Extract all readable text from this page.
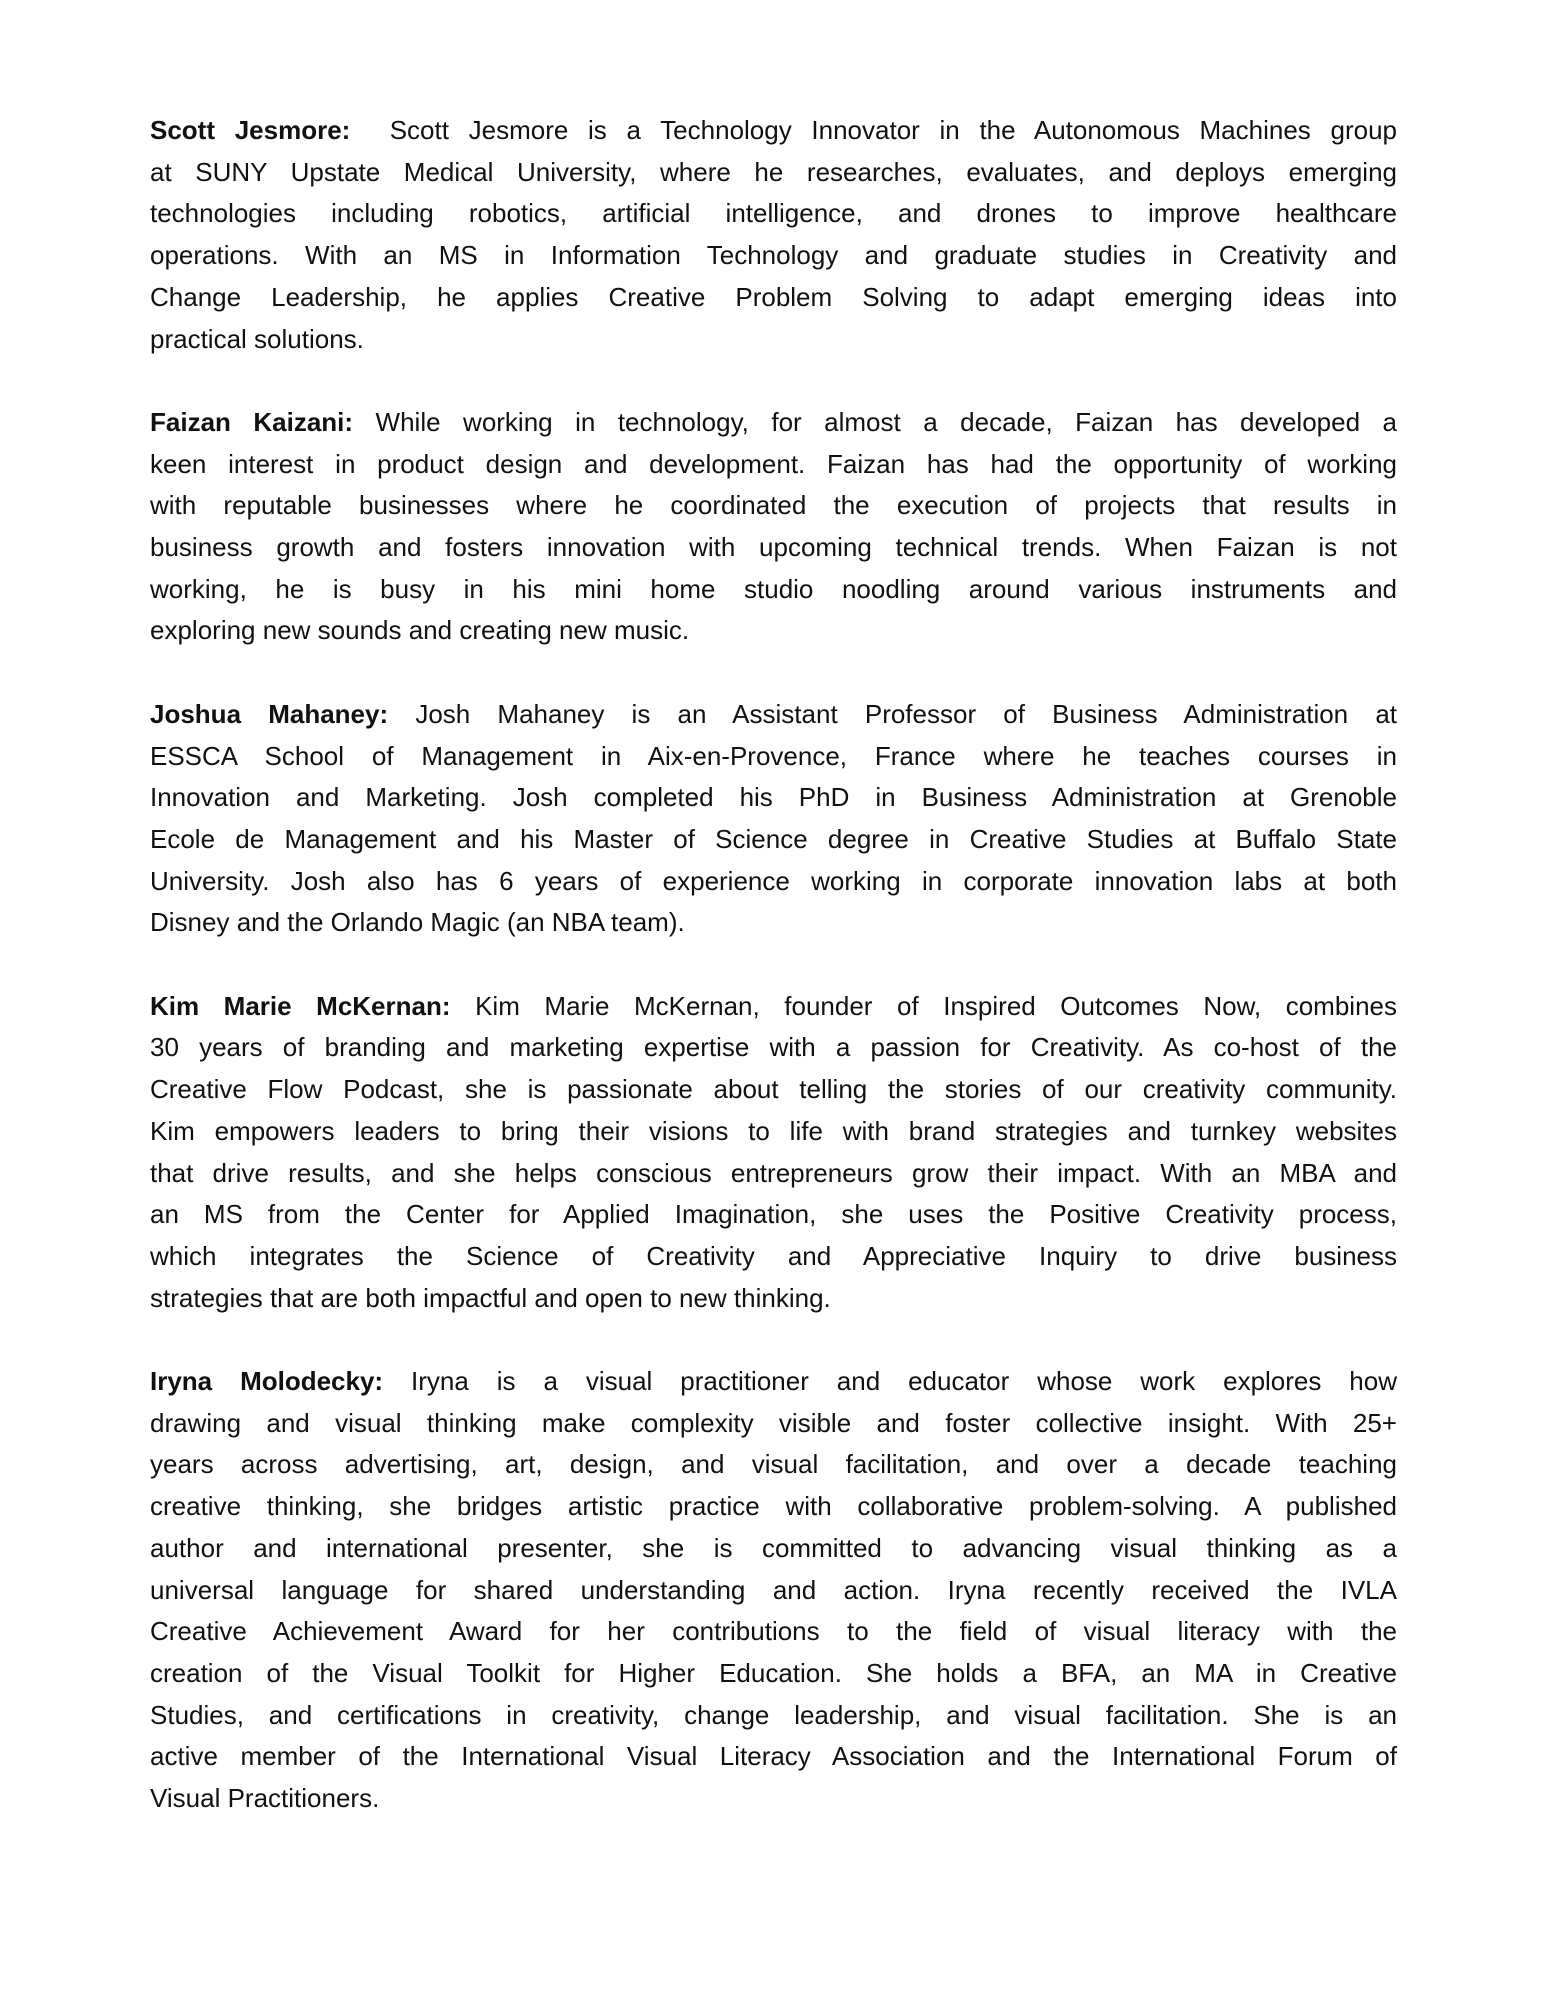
Scott Jesmore:  Scott Jesmore is a Technology Innovator in the Autonomous Machines group
at SUNY Upstate Medical University, where he researches, evaluates, and deploys emerging
technologies including robotics, artificial intelligence, and drones to improve healthcare
operations. With an MS in Information Technology and graduate studies in Creativity and
Change Leadership, he applies Creative Problem Solving to adapt emerging ideas into
practical solutions.
Faizan Kaizani: While working in technology, for almost a decade, Faizan has developed a
keen interest in product design and development. Faizan has had the opportunity of working
with reputable businesses where he coordinated the execution of projects that results in
business growth and fosters innovation with upcoming technical trends. When Faizan is not
working, he is busy in his mini home studio noodling around various instruments and
exploring new sounds and creating new music.
Joshua Mahaney: Josh Mahaney is an Assistant Professor of Business Administration at
ESSCA School of Management in Aix-en-Provence, France where he teaches courses in
Innovation and Marketing. Josh completed his PhD in Business Administration at Grenoble
Ecole de Management and his Master of Science degree in Creative Studies at Buffalo State
University. Josh also has 6 years of experience working in corporate innovation labs at both
Disney and the Orlando Magic (an NBA team).
Kim Marie McKernan: Kim Marie McKernan, founder of Inspired Outcomes Now, combines
30 years of branding and marketing expertise with a passion for Creativity. As co-host of the
Creative Flow Podcast, she is passionate about telling the stories of our creativity community.
Kim empowers leaders to bring their visions to life with brand strategies and turnkey websites
that drive results, and she helps conscious entrepreneurs grow their impact. With an MBA and
an MS from the Center for Applied Imagination, she uses the Positive Creativity process,
which integrates the Science of Creativity and Appreciative Inquiry to drive business
strategies that are both impactful and open to new thinking.
Iryna Molodecky: Iryna is a visual practitioner and educator whose work explores how
drawing and visual thinking make complexity visible and foster collective insight. With 25+
years across advertising, art, design, and visual facilitation, and over a decade teaching
creative thinking, she bridges artistic practice with collaborative problem-solving. A published
author and international presenter, she is committed to advancing visual thinking as a
universal language for shared understanding and action. Iryna recently received the IVLA
Creative Achievement Award for her contributions to the field of visual literacy with the
creation of the Visual Toolkit for Higher Education. She holds a BFA, an MA in Creative
Studies, and certifications in creativity, change leadership, and visual facilitation. She is an
active member of the International Visual Literacy Association and the International Forum of
Visual Practitioners.
